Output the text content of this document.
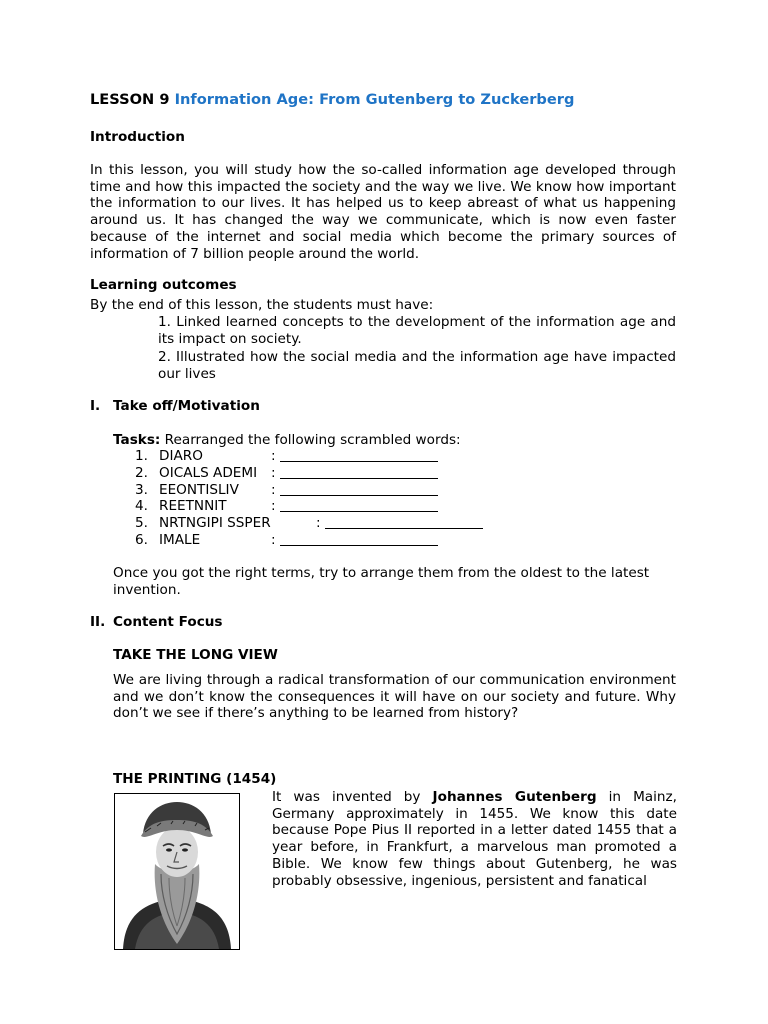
LESSON 9 Information Age: From Gutenberg to Zuckerberg
Introduction
In this lesson, you will study how the so-called information age developed through time and how this impacted the society and the way we live. We know how important the information to our lives. It has helped us to keep abreast of what us happening around us. It has changed the way we communicate, which is now even faster because of the internet and social media which become the primary sources of information of 7 billion people around the world.
Learning outcomes
By the end of this lesson, the students must have:
1. Linked learned concepts to the development of the information age and its impact on society.
2. Illustrated how the social media and the information age have impacted our lives
I. Take off/Motivation
Tasks: Rearranged the following scrambled words:
1. DIARO	:
2. OICALS ADEMI :
3. EEONTISLIV :
4. REETNNIT	:
5. NRTNGIPI SSPER	:
6. IMALE	:
Once you got the right terms, try to arrange them from the oldest to the latest invention.
II. Content Focus
TAKE THE LONG VIEW
We are living through a radical transformation of our communication environment and we don’t know the consequences it will have on our society and future. Why don’t we see if there’s anything to be learned from history?
THE PRINTING (1454)
It was invented by Johannes Gutenberg in Mainz, Germany approximately in 1455. We know this date because Pope Pius II reported in a letter dated 1455 that a year before, in Frankfurt, a marvelous man promoted a Bible. We know few things about Gutenberg, he was probably obsessive, ingenious, persistent and fanatical
